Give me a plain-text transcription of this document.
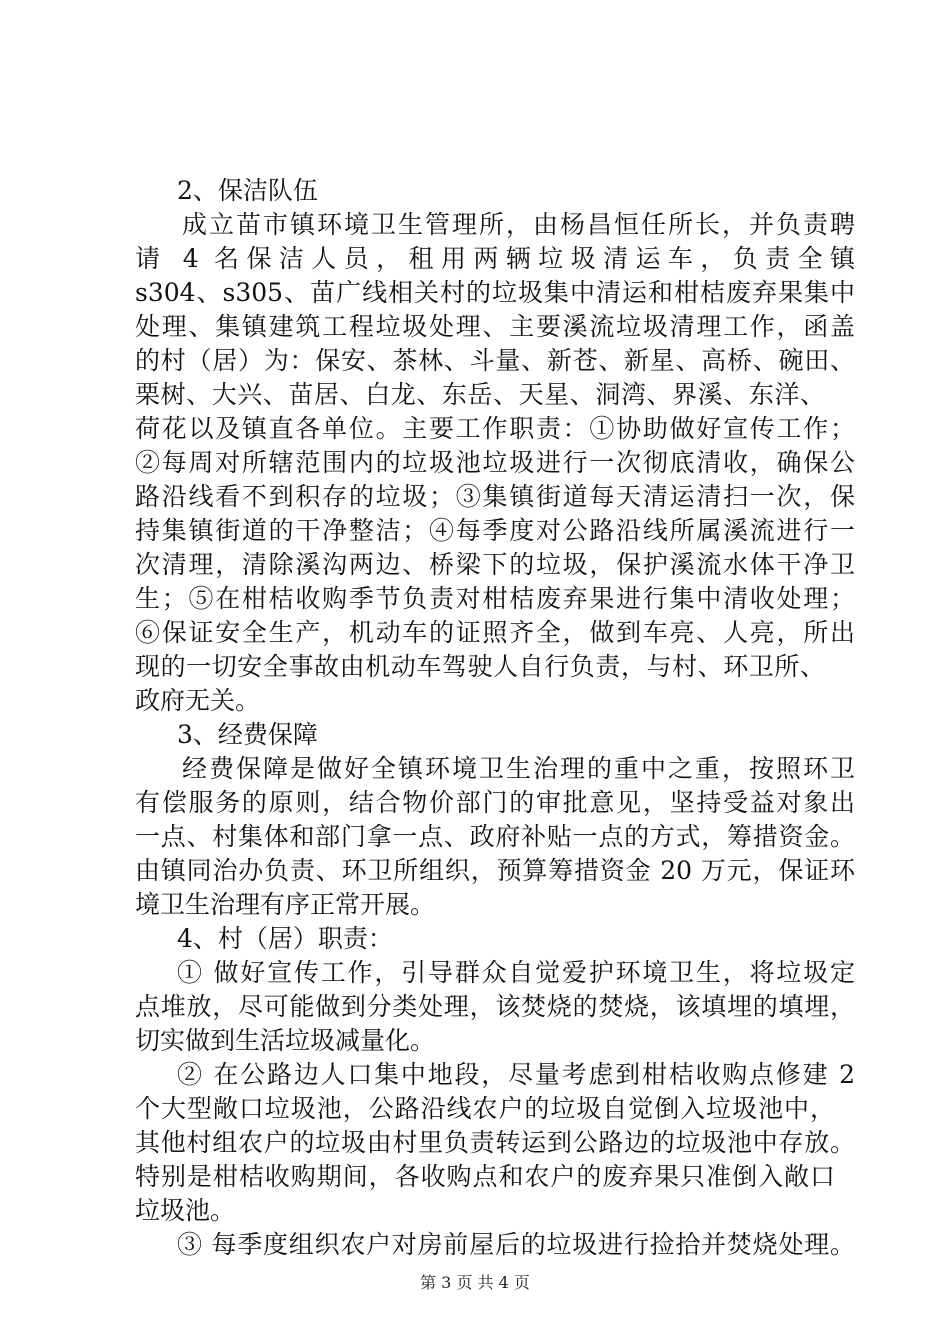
2、保洁队伍
成立苗市镇环境卫生管理所，由杨昌恒任所长，并负责聘
请 4 名保洁人员，租用两辆垃圾清运车，负责全镇
s304、s305、苗广线相关村的垃圾集中清运和柑桔废弃果集中
处理、集镇建筑工程垃圾处理、主要溪流垃圾清理工作，函盖
的村（居）为：保安、茶林、斗量、新苍、新星、高桥、碗田、
栗树、大兴、苗居、白龙、东岳、天星、洞湾、界溪、东洋、
荷花以及镇直各单位。主要工作职责：①协助做好宣传工作；
②每周对所辖范围内的垃圾池垃圾进行一次彻底清收，确保公
路沿线看不到积存的垃圾；③集镇街道每天清运清扫一次，保
持集镇街道的干净整洁；④每季度对公路沿线所属溪流进行一
次清理，清除溪沟两边、桥梁下的垃圾，保护溪流水体干净卫
生；⑤在柑桔收购季节负责对柑桔废弃果进行集中清收处理；
⑥保证安全生产，机动车的证照齐全，做到车亮、人亮，所出
现的一切安全事故由机动车驾驶人自行负责，与村、环卫所、
政府无关。
3、经费保障
经费保障是做好全镇环境卫生治理的重中之重，按照环卫
有偿服务的原则，结合物价部门的审批意见，坚持受益对象出
一点、村集体和部门拿一点、政府补贴一点的方式，筹措资金。
由镇同治办负责、环卫所组织，预算筹措资金 20 万元，保证环
境卫生治理有序正常开展。
4、村（居）职责：
① 做好宣传工作，引导群众自觉爱护环境卫生，将垃圾定
点堆放，尽可能做到分类处理，该焚烧的焚烧，该填埋的填埋，
切实做到生活垃圾减量化。
② 在公路边人口集中地段，尽量考虑到柑桔收购点修建 2
个大型敞口垃圾池，公路沿线农户的垃圾自觉倒入垃圾池中，
其他村组农户的垃圾由村里负责转运到公路边的垃圾池中存放。
特别是柑桔收购期间，各收购点和农户的废弃果只准倒入敞口
垃圾池。
③ 每季度组织农户对房前屋后的垃圾进行捡拾并焚烧处理。
第 3 页 共 4 页
